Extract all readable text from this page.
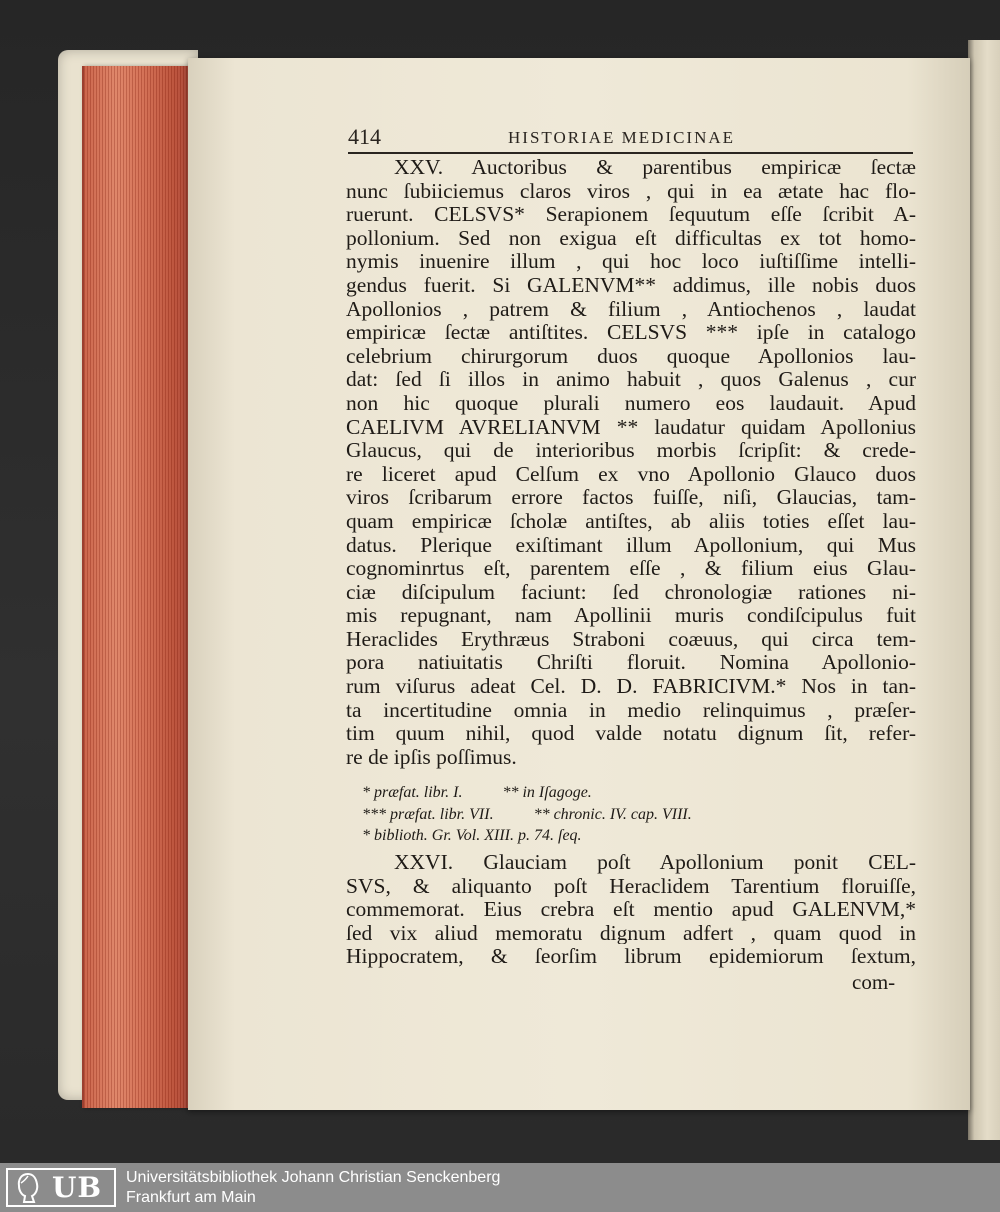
414	HISTORIAE MEDICINAE
XXV. Auctoribus & parentibus empiricæ ſectæ
nunc ſubiiciemus claros viros , qui in ea ætate hac flo-
ruerunt. CELSVS* Serapionem ſequutum eſſe ſcribit A-
pollonium. Sed non exigua eſt difficultas ex tot homo-
nymis inuenire illum , qui hoc loco iuſtiſſime intelli-
gendus fuerit. Si GALENVM** addimus, ille nobis duos
Apollonios , patrem & filium , Antiochenos , laudat
empiricæ ſectæ antiſtites. CELSVS *** ipſe in catalogo
celebrium chirurgorum duos quoque Apollonios lau-
dat: ſed ſi illos in animo habuit , quos Galenus , cur
non hic quoque plurali numero eos laudauit. Apud
CAELIVM AVRELIANVM ** laudatur quidam Apollonius
Glaucus, qui de interioribus morbis ſcripſit: & crede-
re liceret apud Celſum ex vno Apollonio Glauco duos
viros ſcribarum errore factos fuiſſe, niſi, Glaucias, tam-
quam empiricæ ſcholæ antiſtes, ab aliis toties eſſet lau-
datus. Plerique exiſtimant illum Apollonium, qui Mus
cognominrtus eſt, parentem eſſe , & filium eius Glau-
ciæ diſcipulum faciunt: ſed chronologiæ rationes ni-
mis repugnant, nam Apollinii muris condiſcipulus fuit
Heraclides Erythræus Straboni coæuus, qui circa tem-
pora natiuitatis Chriſti floruit. Nomina Apollonio-
rum viſurus adeat Cel. D. D. FABRICIVM.* Nos in tan-
ta incertitudine omnia in medio relinquimus , præſer-
tim quum nihil, quod valde notatu dignum ſit, refer-
re de ipſis poſſimus.
* præfat. libr. I.	** in Iſagoge.
*** præfat. libr. VII.	** chronic. IV. cap. VIII.
* biblioth. Gr. Vol. XIII. p. 74. ſeq.
XXVI. Glauciam poſt Apollonium ponit CEL-
SVS, & aliquanto poſt Heraclidem Tarentium floruiſſe,
commemorat. Eius crebra eſt mentio apud GALENVM,*
ſed vix aliud memoratu dignum adfert , quam quod in
Hippocratem, & ſeorſim librum epidemiorum ſextum,
com-
UB Universitätsbibliothek Johann Christian Senckenberg
Frankfurt am Main
